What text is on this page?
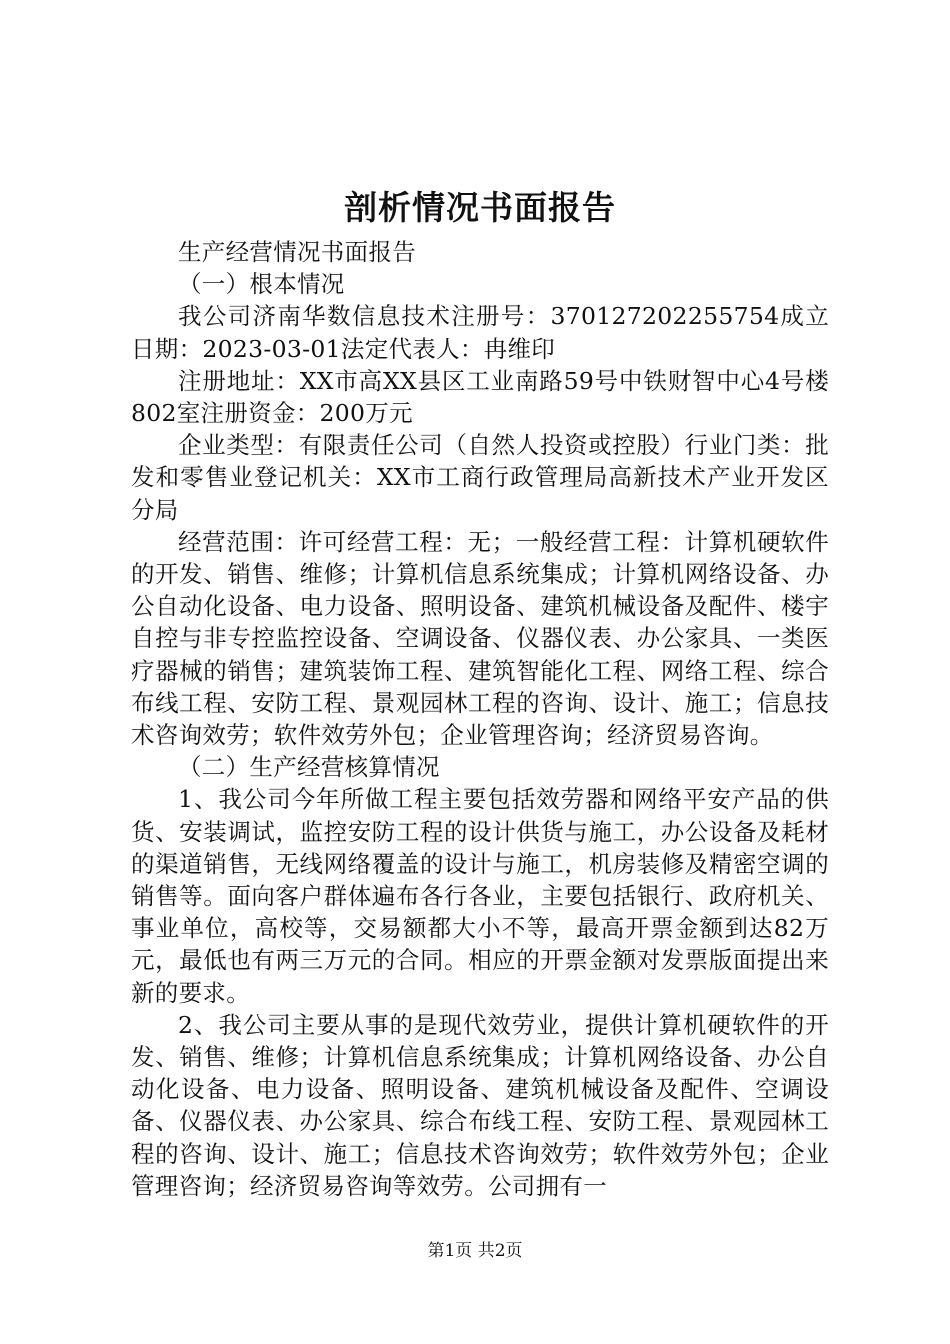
剖析情况书面报告

生产经营情况书面报告

（一）根本情况

我公司济南华数信息技术注册号：370127202255754成立日期：2023-03-01法定代表人：冉维印

注册地址：XX市高XX县区工业南路59号中铁财智中心4号楼802室注册资金：200万元

企业类型：有限责任公司（自然人投资或控股）行业门类：批发和零售业登记机关：XX市工商行政管理局高新技术产业开发区分局

经营范围：许可经营工程：无；一般经营工程：计算机硬软件的开发、销售、维修；计算机信息系统集成；计算机网络设备、办公自动化设备、电力设备、照明设备、建筑机械设备及配件、楼宇自控与非专控监控设备、空调设备、仪器仪表、办公家具、一类医疗器械的销售；建筑装饰工程、建筑智能化工程、网络工程、综合布线工程、安防工程、景观园林工程的咨询、设计、施工；信息技术咨询效劳；软件效劳外包；企业管理咨询；经济贸易咨询。

（二）生产经营核算情况

1、我公司今年所做工程主要包括效劳器和网络平安产品的供货、安装调试，监控安防工程的设计供货与施工，办公设备及耗材的渠道销售，无线网络覆盖的设计与施工，机房装修及精密空调的销售等。面向客户群体遍布各行各业，主要包括银行、政府机关、事业单位，高校等，交易额都大小不等，最高开票金额到达82万元，最低也有两三万元的合同。相应的开票金额对发票版面提出来新的要求。

2、我公司主要从事的是现代效劳业，提供计算机硬软件的开发、销售、维修；计算机信息系统集成；计算机网络设备、办公自动化设备、电力设备、照明设备、建筑机械设备及配件、空调设备、仪器仪表、办公家具、综合布线工程、安防工程、景观园林工程的咨询、设计、施工；信息技术咨询效劳；软件效劳外包；企业管理咨询；经济贸易咨询等效劳。公司拥有一

第1页 共2页
